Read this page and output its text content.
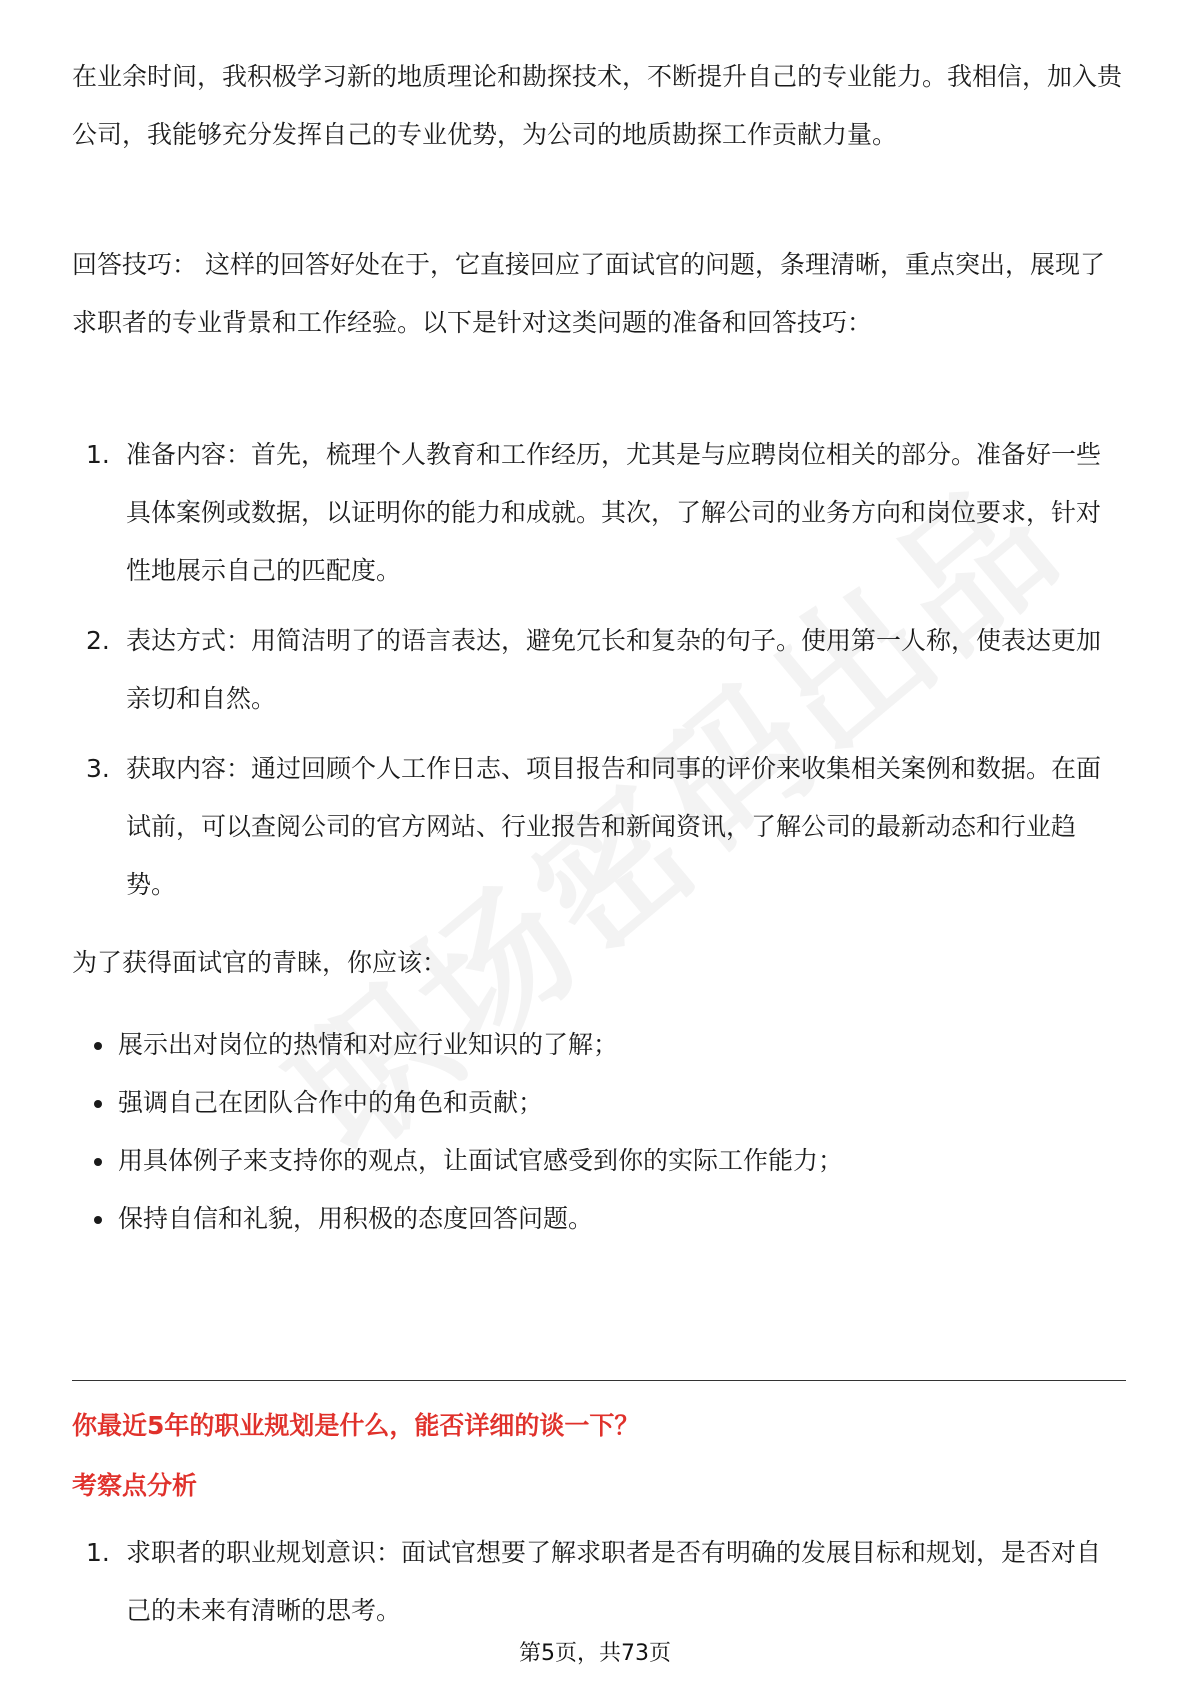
在业余时间，我积极学习新的地质理论和勘探技术，不断提升自己的专业能力。我相信，加入贵公司，我能够充分发挥自己的专业优势，为公司的地质勘探工作贡献力量。

回答技巧： 这样的回答好处在于，它直接回应了面试官的问题，条理清晰，重点突出，展现了求职者的专业背景和工作经验。以下是针对这类问题的准备和回答技巧：

1. 准备内容：首先，梳理个人教育和工作经历，尤其是与应聘岗位相关的部分。准备好一些具体案例或数据，以证明你的能力和成就。其次，了解公司的业务方向和岗位要求，针对性地展示自己的匹配度。
2. 表达方式：用简洁明了的语言表达，避免冗长和复杂的句子。使用第一人称，使表达更加亲切和自然。
3. 获取内容：通过回顾个人工作日志、项目报告和同事的评价来收集相关案例和数据。在面试前，可以查阅公司的官方网站、行业报告和新闻资讯，了解公司的最新动态和行业趋势。

为了获得面试官的青睐，你应该：

展示出对岗位的热情和对应行业知识的了解；
强调自己在团队合作中的角色和贡献；
用具体例子来支持你的观点，让面试官感受到你的实际工作能力；
保持自信和礼貌，用积极的态度回答问题。
你最近5年的职业规划是什么，能否详细的谈一下？
考察点分析
1. 求职者的职业规划意识：面试官想要了解求职者是否有明确的发展目标和规划，是否对自己的未来有清晰的思考。
第5页，共73页
